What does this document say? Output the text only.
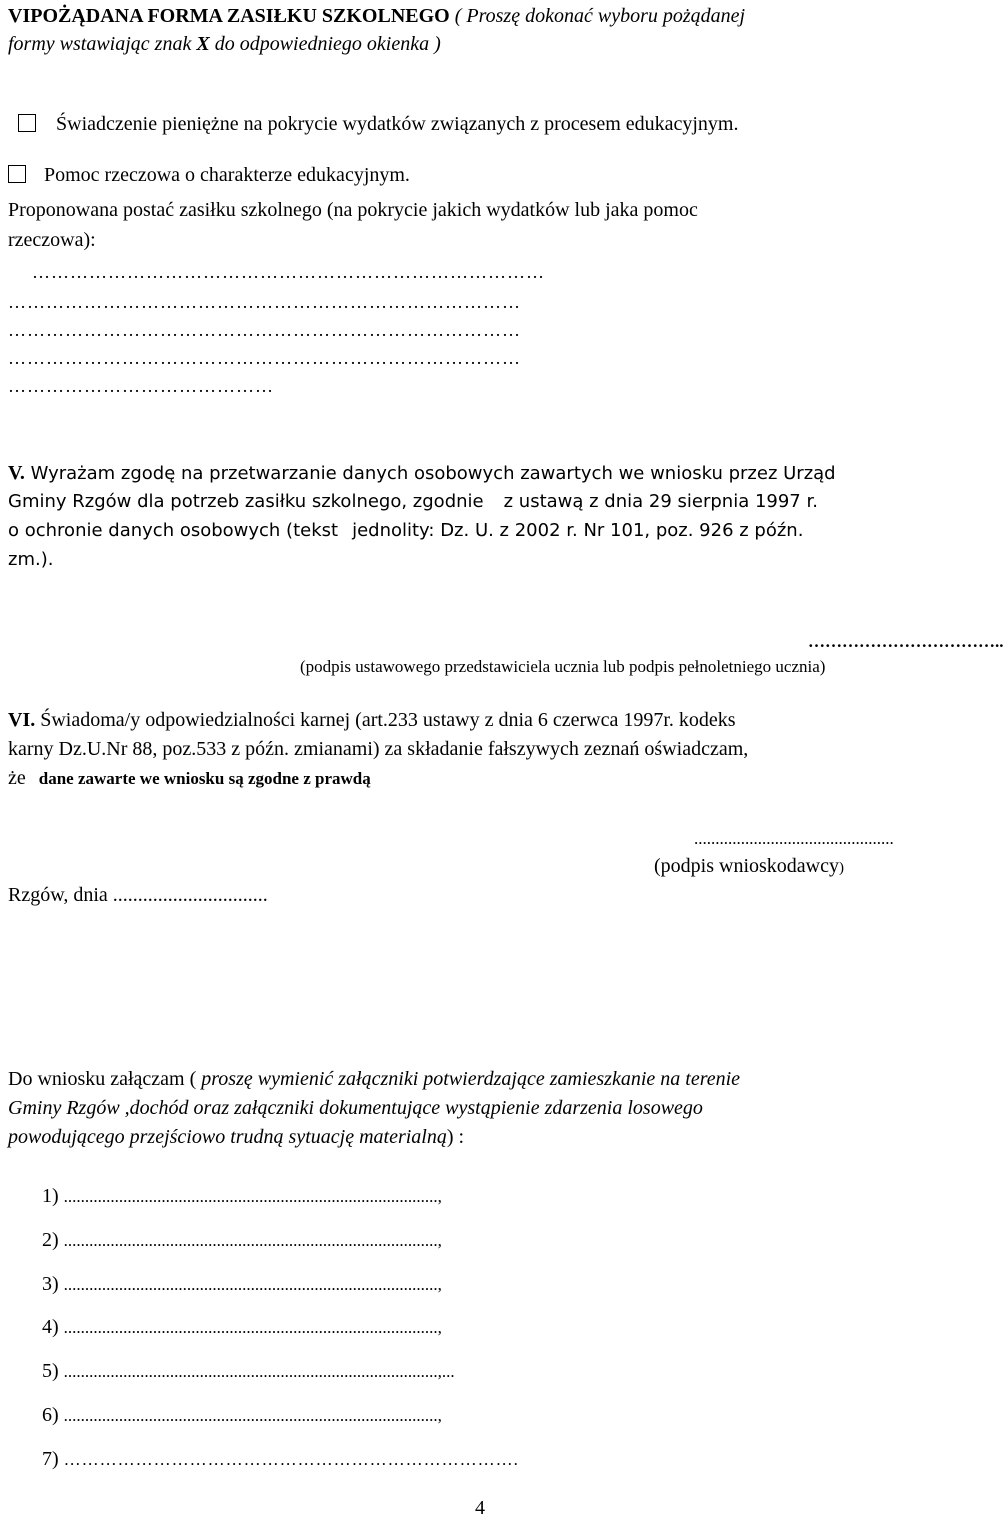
VIPOŻĄDANA FORMA ZASIŁKU SZKOLNEGO ( Proszę dokonać wyboru pożądanej
formy wstawiając znak X do odpowiedniego okienka )
Świadczenie pieniężne na pokrycie wydatków związanych z procesem edukacyjnym.
Pomoc rzeczowa o charakterze edukacyjnym.
Proponowana postać zasiłku szkolnego (na pokrycie jakich wydatków lub jaka pomoc
rzeczowa):
………………………………………………………………………
………………………………………………………………………
………………………………………………………………………
………………………………………………………………………
……………………………………
V. Wyrażam zgodę na przetwarzanie danych osobowych zawartych we wniosku przez Urząd
Gminy Rzgów dla potrzeb zasiłku szkolnego, zgodnie z ustawą z dnia 29 sierpnia 1997 r.
o ochronie danych osobowych (tekst jednolity: Dz. U. z 2002 r. Nr 101, poz. 926 z późn.
zm.).
……………………………..
(podpis ustawowego przedstawiciela ucznia lub podpis pełnoletniego ucznia)
VI. Świadoma/y odpowiedzialności karnej (art.233 ustawy z dnia 6 czerwca 1997r. kodeks
karny Dz.U.Nr 88, poz.533 z późn. zmianami) za składanie fałszywych zeznań oświadczam,
że dane zawarte we wniosku są zgodne z prawdą
...............................................
(podpis wnioskodawcy)
Rzgów, dnia ...............................
Do wniosku załączam ( proszę wymienić załączniki potwierdzające zamieszkanie na terenie
Gminy Rzgów ,dochód oraz załączniki dokumentujące wystąpienie zdarzenia losowego
powodującego przejściowo trudną sytuację materialną) :
1) ........................................................................................,
2) ........................................................................................,
3) ........................................................................................,
4) ........................................................................................,
5) ........................................................................................,...
6) ........................................................................................,
7) ………………………………………………………………….
4
